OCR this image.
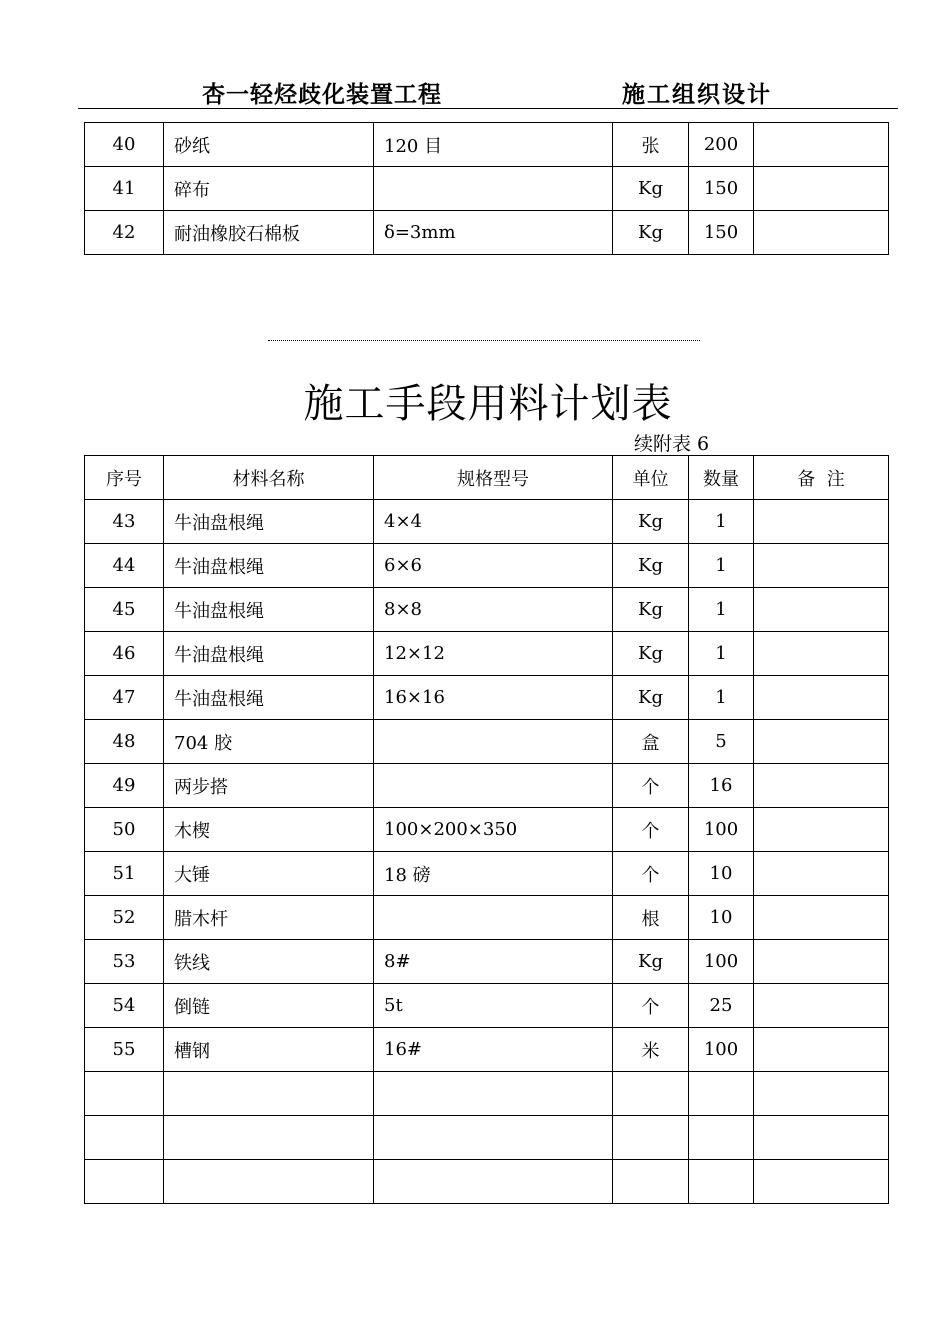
杏一轻烃歧化装置工程	施工组织设计
40	砂纸	120 目	张	200	
41	碎布		Kg	150	
42	耐油橡胶石棉板	δ=3mm	Kg	150	
施工手段用料计划表
续附表 6
序号	材料名称	规格型号	单位	数量	备  注
43	牛油盘根绳	4×4	Kg	1	
44	牛油盘根绳	6×6	Kg	1	
45	牛油盘根绳	8×8	Kg	1	
46	牛油盘根绳	12×12	Kg	1	
47	牛油盘根绳	16×16	Kg	1	
48	704 胶		盒	5	
49	两步搭		个	16	
50	木楔	100×200×350	个	100	
51	大锤	18 磅	个	10	
52	腊木杆		根	10	
53	铁线	8#	Kg	100	
54	倒链	5t	个	25	
55	槽钢	16#	米	100	
